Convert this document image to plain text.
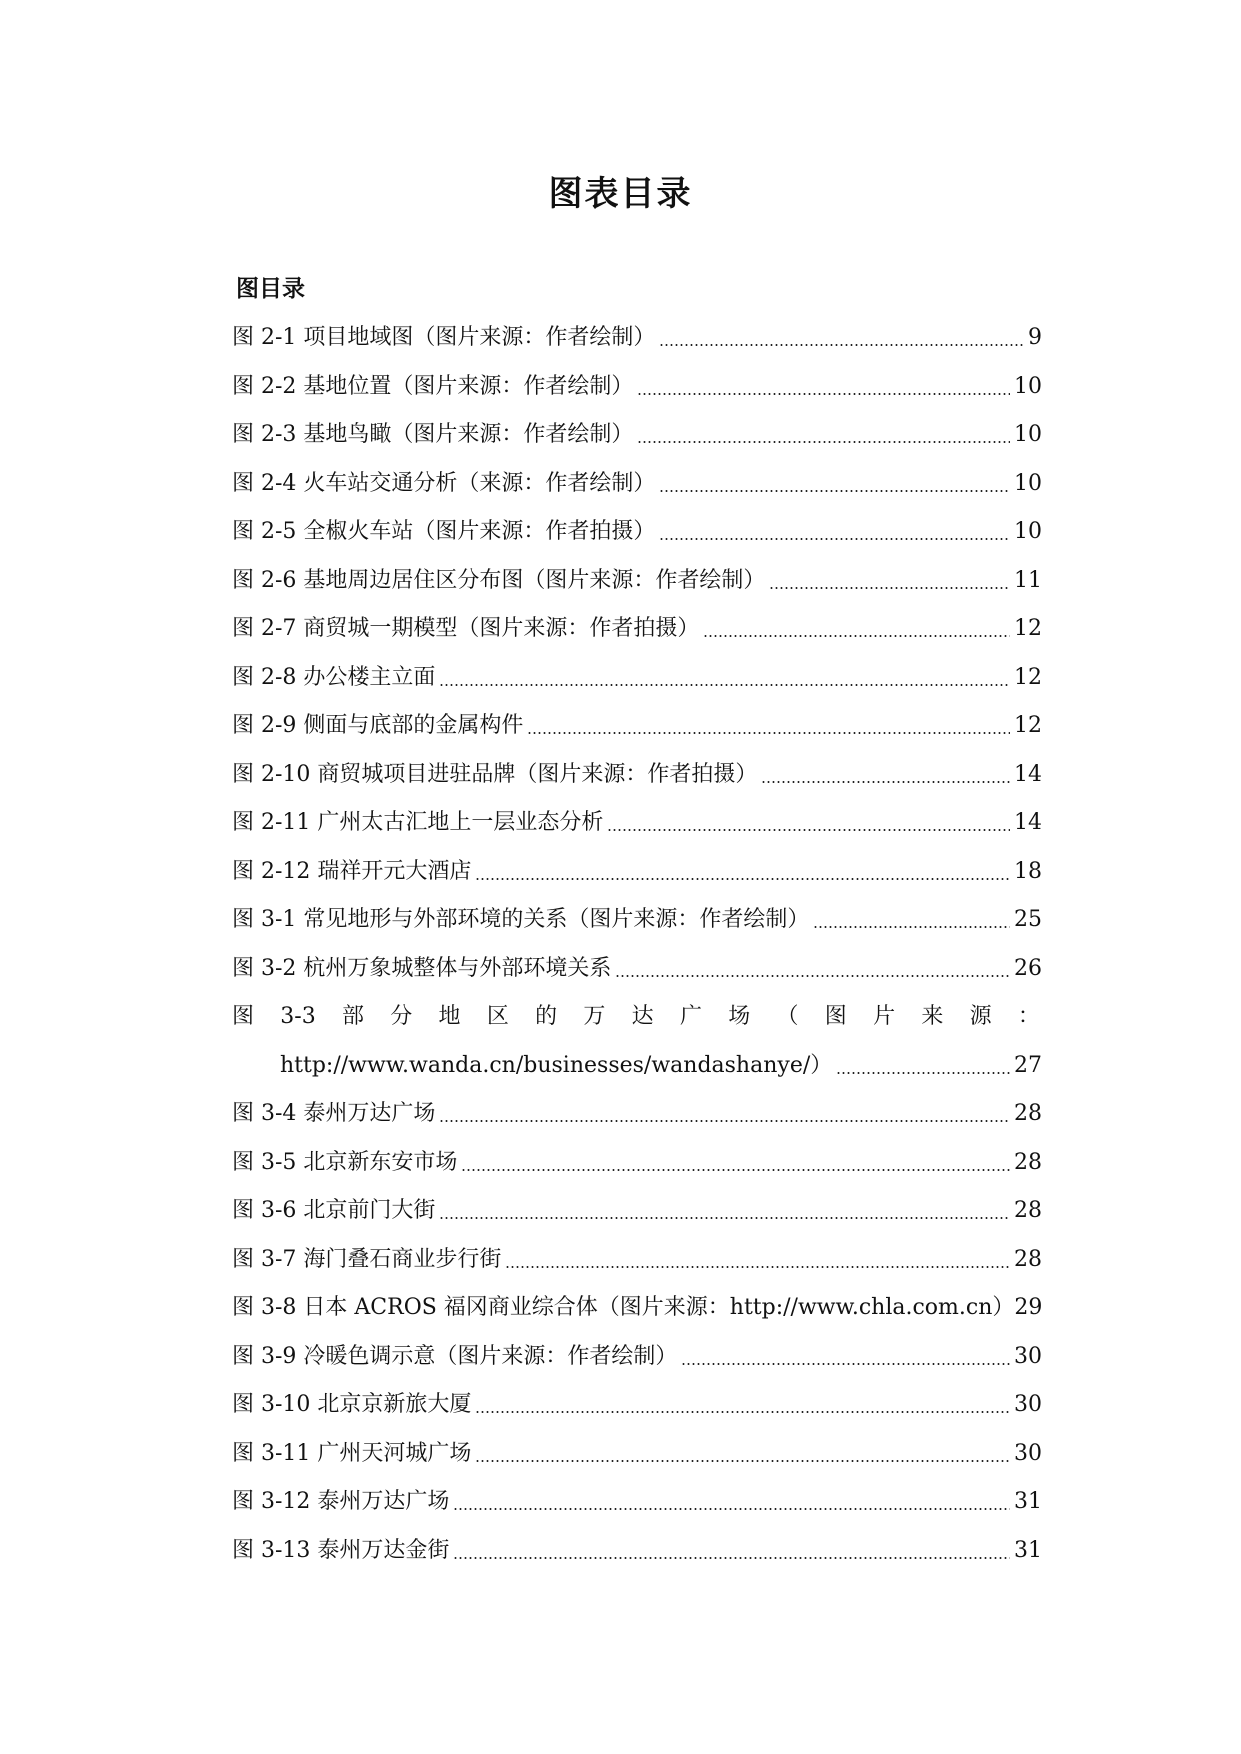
图表目录
图目录
图 2-1 项目地域图（图片来源：作者绘制）	9
图 2-2 基地位置（图片来源：作者绘制）	10
图 2-3 基地鸟瞰（图片来源：作者绘制）	10
图 2-4 火车站交通分析（来源：作者绘制）	10
图 2-5 全椒火车站（图片来源：作者拍摄）	10
图 2-6 基地周边居住区分布图（图片来源：作者绘制）	11
图 2-7 商贸城一期模型（图片来源：作者拍摄）	12
图 2-8 办公楼主立面	12
图 2-9 侧面与底部的金属构件	12
图 2-10 商贸城项目进驻品牌（图片来源：作者拍摄）	14
图 2-11 广州太古汇地上一层业态分析	14
图 2-12 瑞祥开元大酒店	18
图 3-1 常见地形与外部环境的关系（图片来源：作者绘制）	25
图 3-2 杭州万象城整体与外部环境关系	26
图 3-3 部 分 地 区 的 万 达 广 场 （ 图 片 来 源 ：
http://www.wanda.cn/businesses/wandashanye/）	27
图 3-4 泰州万达广场	28
图 3-5 北京新东安市场	28
图 3-6 北京前门大街	28
图 3-7 海门叠石商业步行街	28
图 3-8 日本 ACROS 福冈商业综合体（图片来源：http://www.chla.com.cn）29
图 3-9 冷暖色调示意（图片来源：作者绘制）	30
图 3-10 北京京新旅大厦	30
图 3-11 广州天河城广场	30
图 3-12 泰州万达广场	31
图 3-13 泰州万达金街	31
